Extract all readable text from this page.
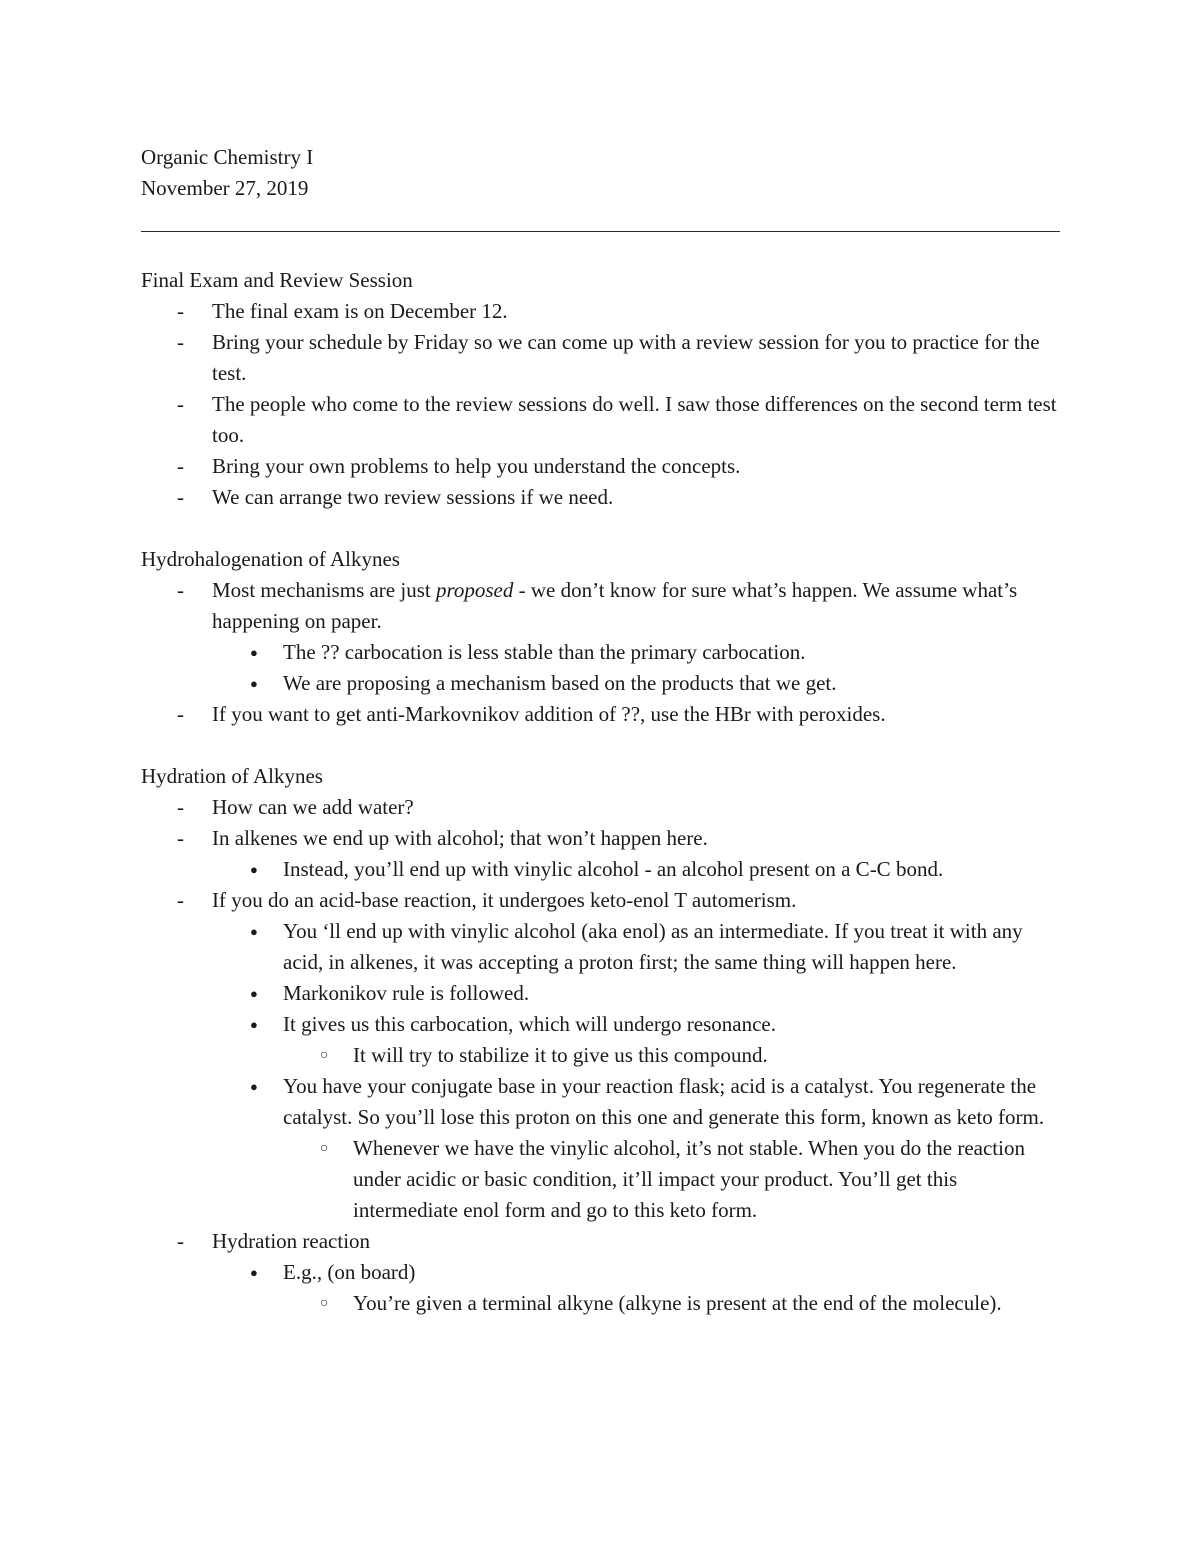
Organic Chemistry I
November 27, 2019
Final Exam and Review Session
- The final exam is on December 12.
- Bring your schedule by Friday so we can come up with a review session for you to practice for the test.
- The people who come to the review sessions do well. I saw those differences on the second term test too.
- Bring your own problems to help you understand the concepts.
- We can arrange two review sessions if we need.
Hydrohalogenation of Alkynes
- Most mechanisms are just proposed - we don’t know for sure what’s happen. We assume what’s happening on paper.
● The ?? carbocation is less stable than the primary carbocation.
● We are proposing a mechanism based on the products that we get.
- If you want to get anti-Markovnikov addition of ??, use the HBr with peroxides.
Hydration of Alkynes
- How can we add water?
- In alkenes we end up with alcohol; that won’t happen here.
● Instead, you’ll end up with vinylic alcohol - an alcohol present on a C-C bond.
- If you do an acid-base reaction, it undergoes keto-enol T automerism.
● You ‘ll end up with vinylic alcohol (aka enol) as an intermediate. If you treat it with any acid, in alkenes, it was accepting a proton first; the same thing will happen here.
● Markonikov rule is followed.
● It gives us this carbocation, which will undergo resonance.
○ It will try to stabilize it to give us this compound.
● You have your conjugate base in your reaction flask; acid is a catalyst. You regenerate the catalyst. So you’ll lose this proton on this one and generate this form, known as keto form.
○ Whenever we have the vinylic alcohol, it’s not stable. When you do the reaction under acidic or basic condition, it’ll impact your product. You’ll get this intermediate enol form and go to this keto form.
- Hydration reaction
● E.g., (on board)
○ You’re given a terminal alkyne (alkyne is present at the end of the molecule).
